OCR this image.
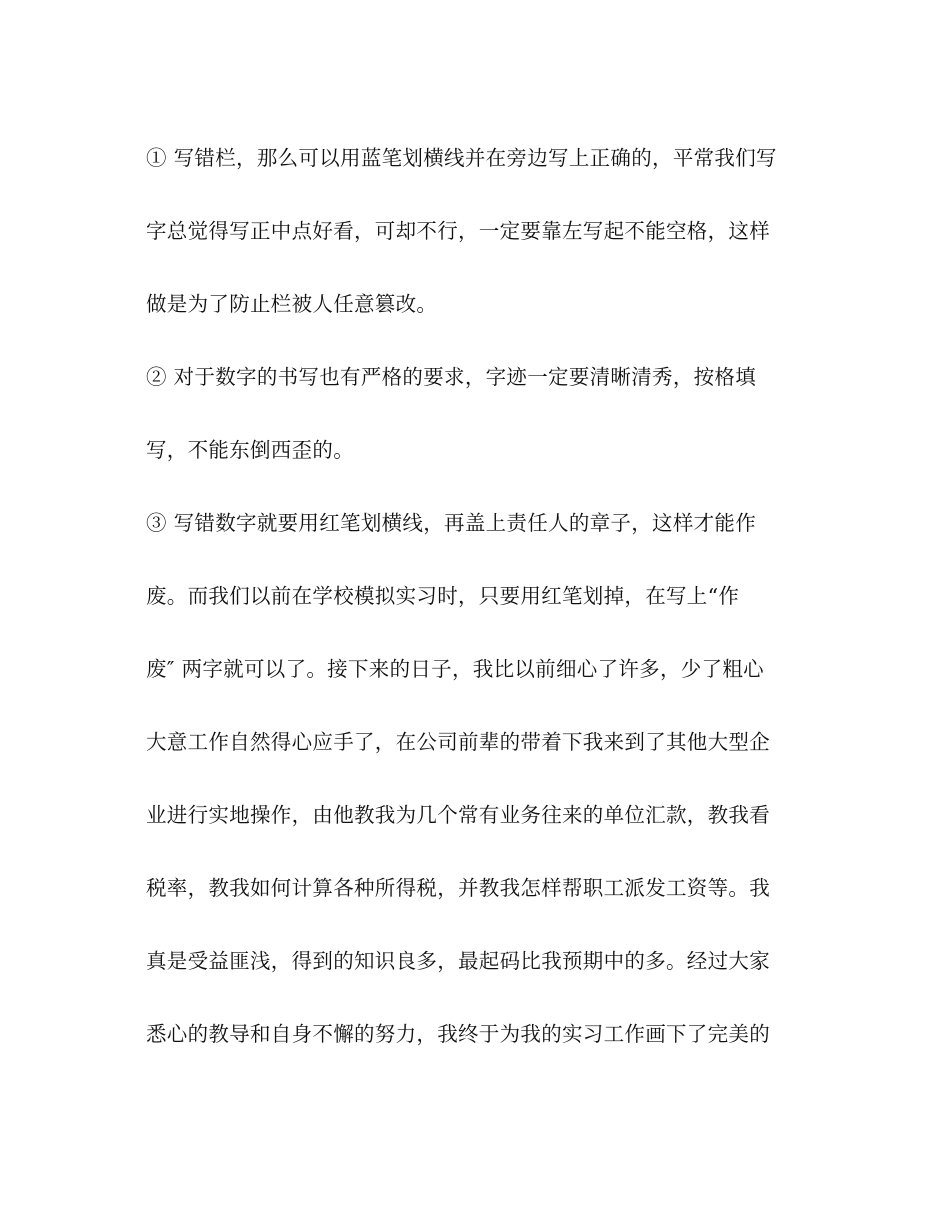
① 写错栏，那么可以用蓝笔划横线并在旁边写上正确的，平常我们写
字总觉得写正中点好看，可却不行，一定要靠左写起不能空格，这样
做是为了防止栏被人任意篡改。
② 对于数字的书写也有严格的要求，字迹一定要清晰清秀，按格填
写，不能东倒西歪的。
③ 写错数字就要用红笔划横线，再盖上责任人的章子，这样才能作
废。而我们以前在学校模拟实习时，只要用红笔划掉，在写上“作
废″ 两字就可以了。接下来的日子，我比以前细心了许多，少了粗心
大意工作自然得心应手了，在公司前辈的带着下我来到了其他大型企
业进行实地操作，由他教我为几个常有业务往来的单位汇款，教我看
税率，教我如何计算各种所得税，并教我怎样帮职工派发工资等。我
真是受益匪浅，得到的知识良多，最起码比我预期中的多。经过大家
悉心的教导和自身不懈的努力，我终于为我的实习工作画下了完美的
